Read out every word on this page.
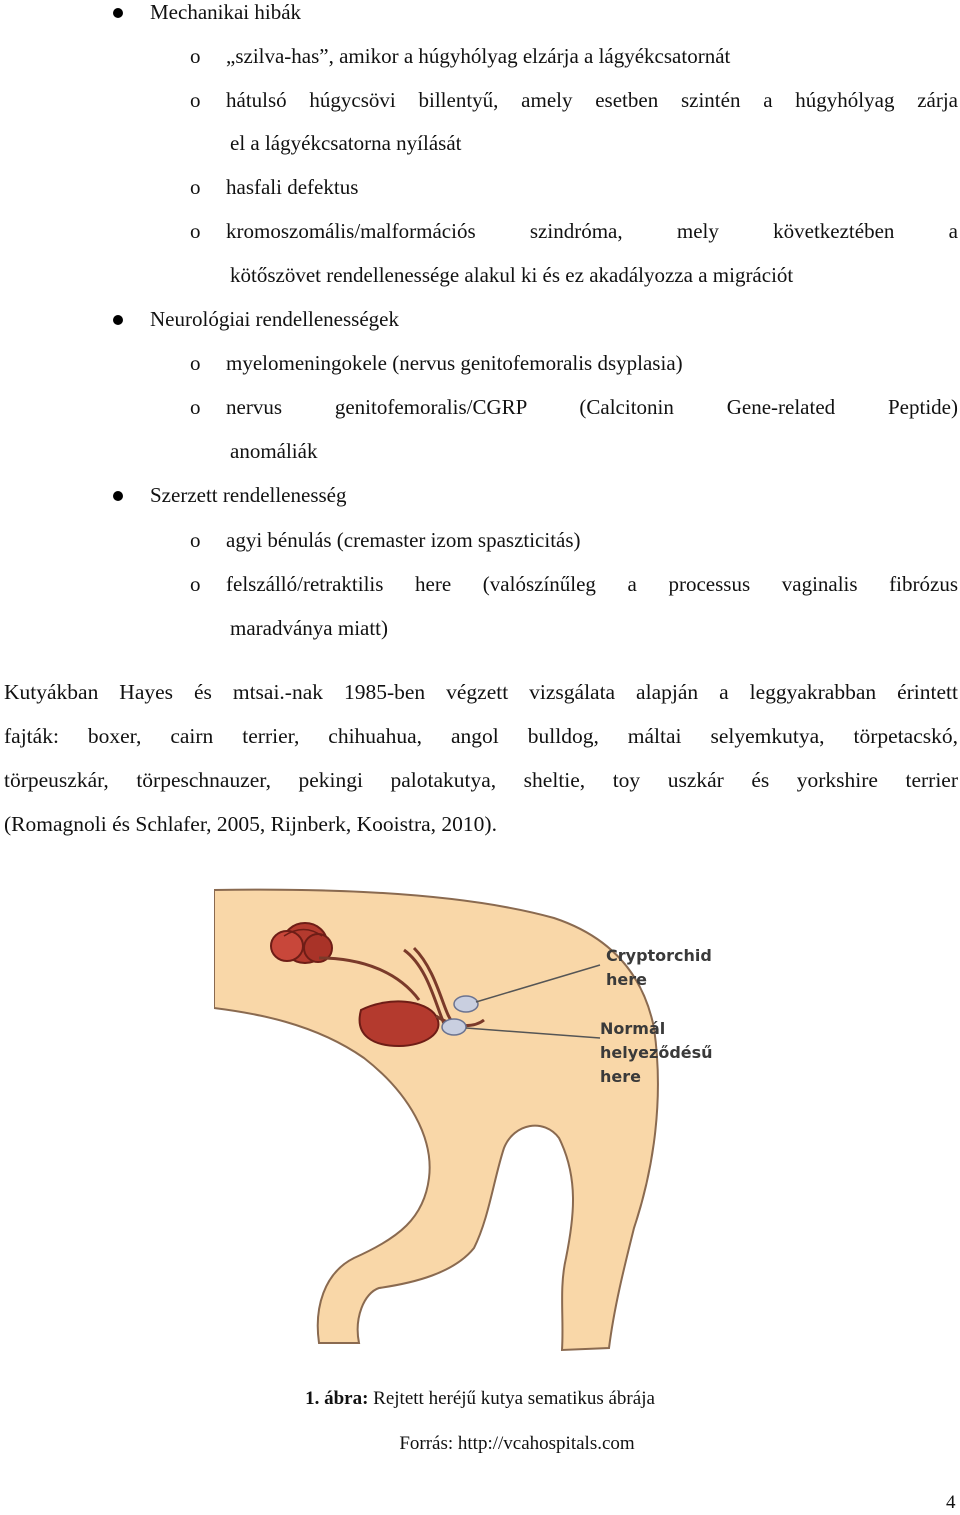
Mechanikai hibák
o „szilva-has”, amikor a húgyhólyag elzárja a lágyékcsatornát
o hátulsó húgycsövi billentyű, amely esetben szintén a húgyhólyag zárja
el a lágyékcsatorna nyílását
o hasfali defektus
o kromoszomális/malformációs szindróma, mely következtében a
kötőszövet rendellenessége alakul ki és ez akadályozza a migrációt
Neurológiai rendellenességek
o myelomeningokele (nervus genitofemoralis dsyplasia)
o nervus genitofemoralis/CGRP (Calcitonin Gene-related Peptide)
anomáliák
Szerzett rendellenesség
o agyi bénulás (cremaster izom spaszticitás)
o felszálló/retraktilis here (valószínűleg a processus vaginalis fibrózus
maradványa miatt)
Kutyákban Hayes és mtsai.-nak 1985-ben végzett vizsgálata alapján a leggyakrabban érintett
fajták: boxer, cairn terrier, chihuahua, angol bulldog, máltai selyemkutya, törpetacskó,
törpeuszkár, törpeschnauzer, pekingi palotakutya, sheltie, toy uszkár és yorkshire terrier
(Romagnoli és Schlafer, 2005, Rijnberk, Kooistra, 2010).
Cryptorchid
here
Normál
helyeződésű
here
1. ábra: Rejtett heréjű kutya sematikus ábrája
Forrás: http://vcahospitals.com
4
